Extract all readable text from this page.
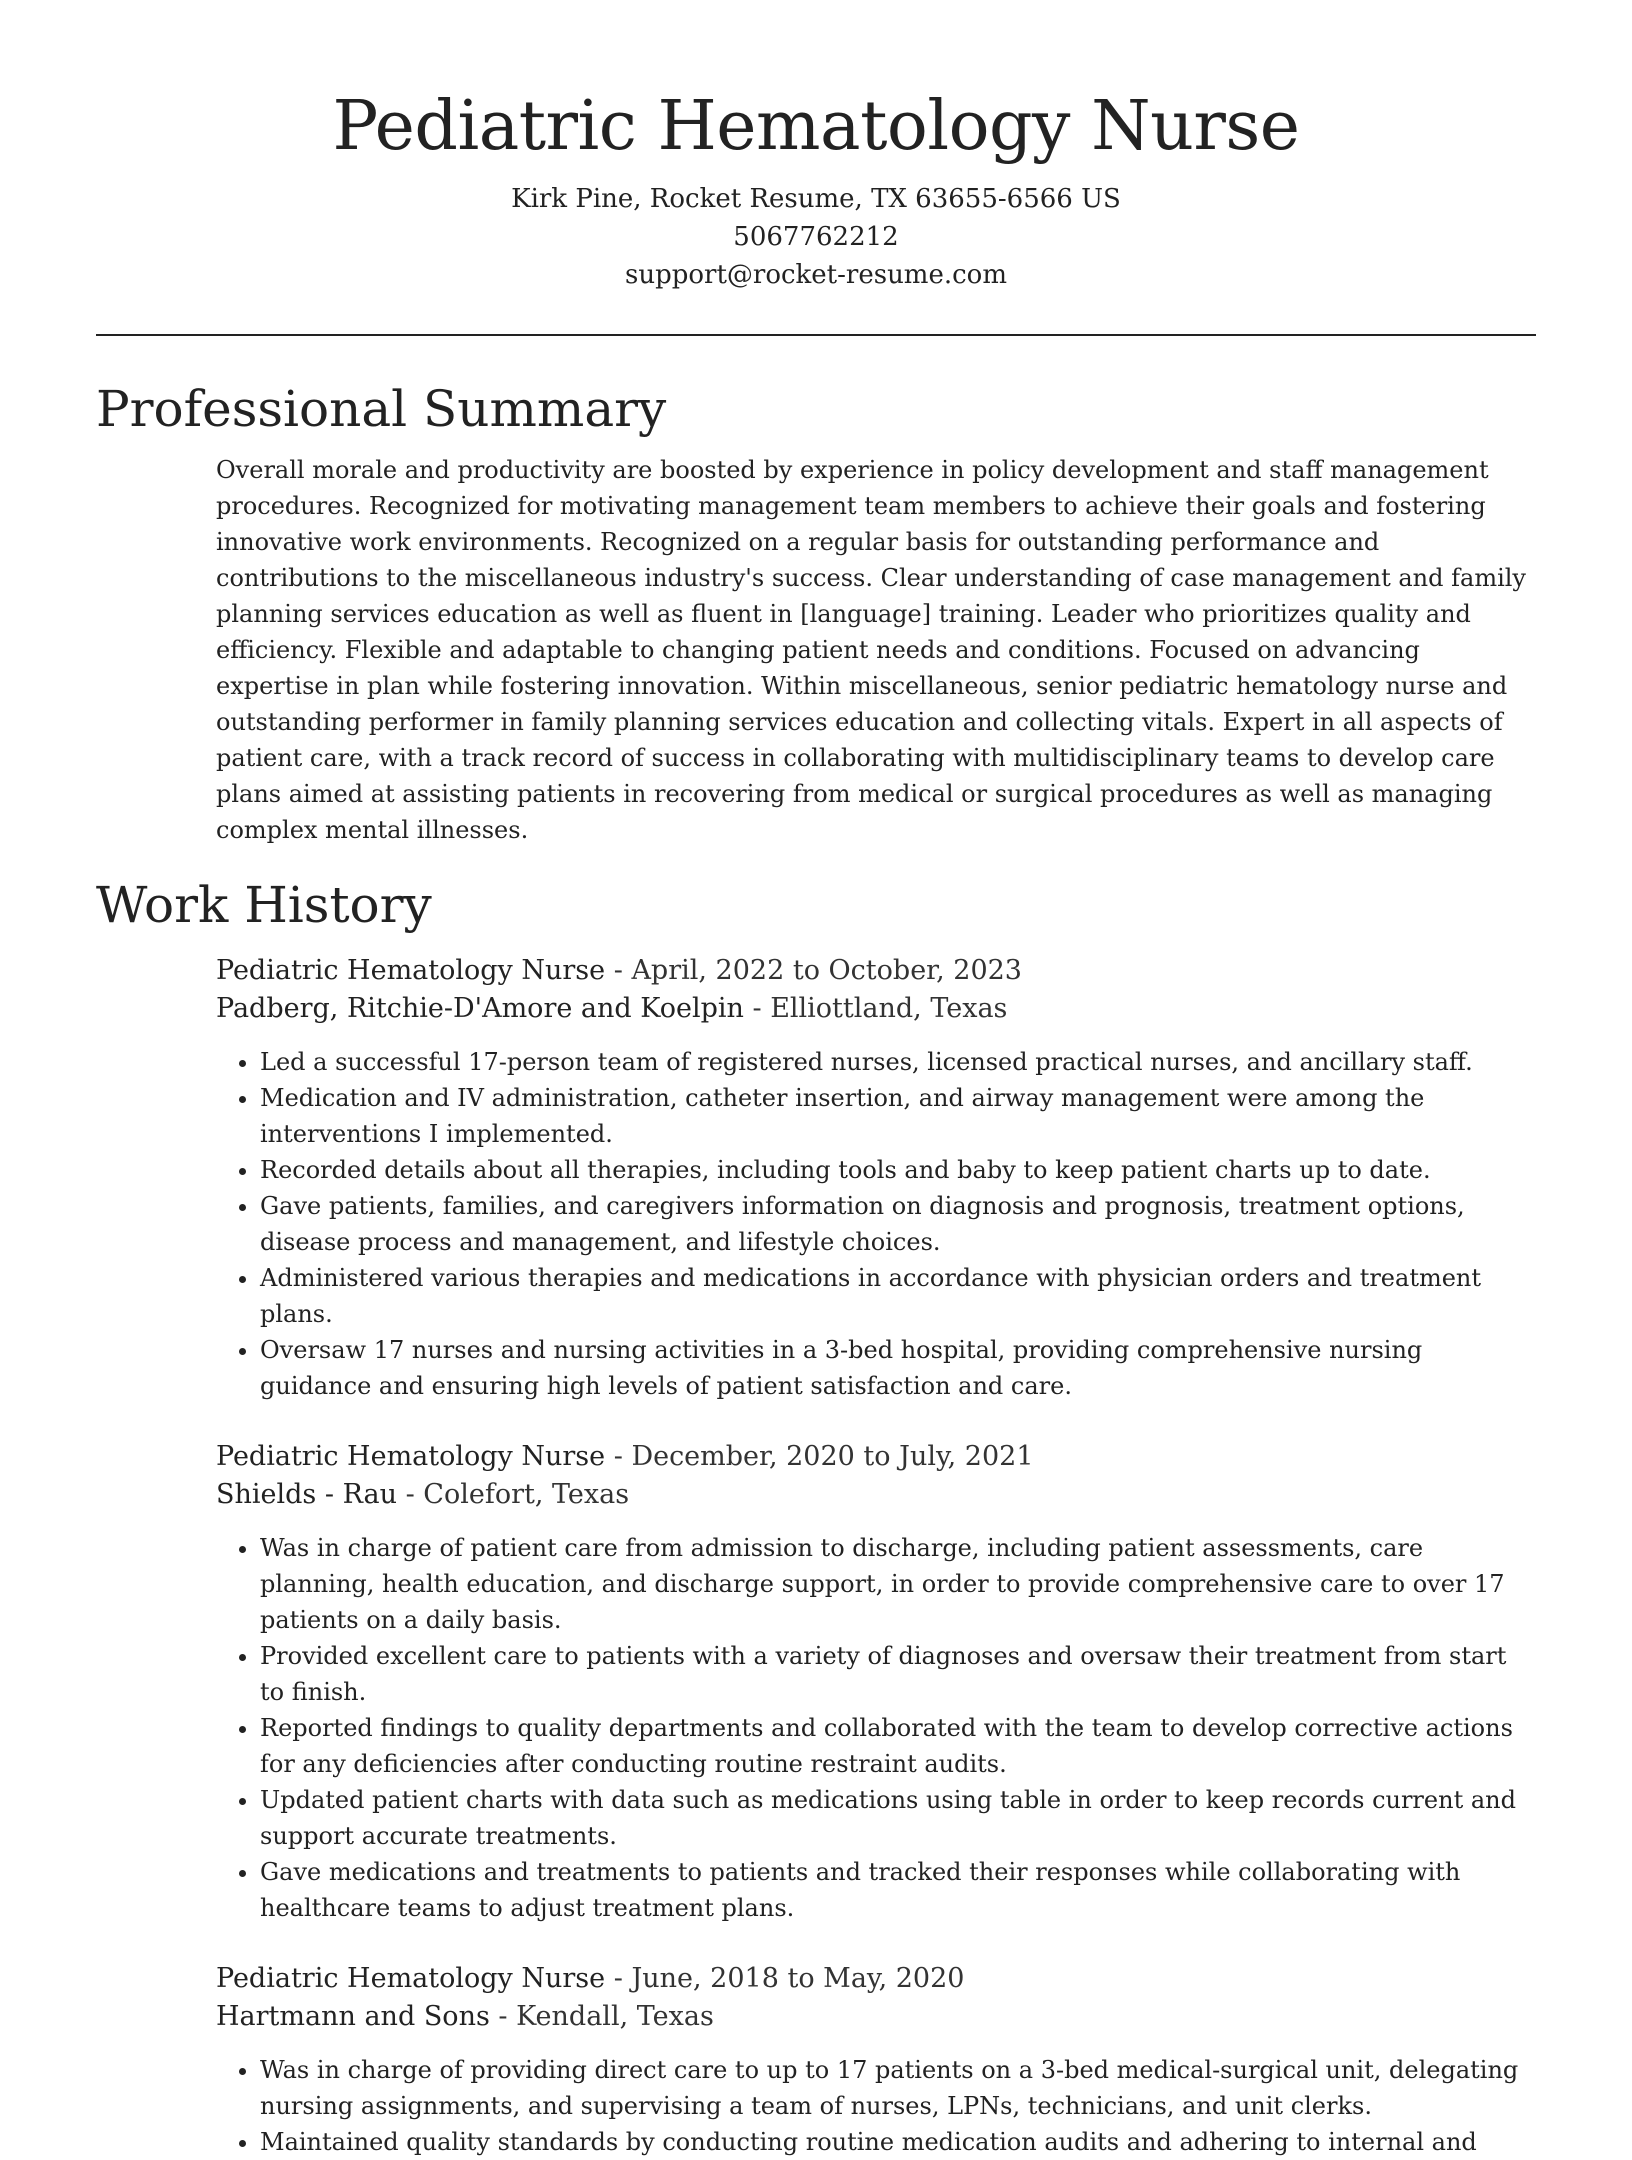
Pediatric Hematology Nurse
Kirk Pine, Rocket Resume, TX 63655-6566 US
5067762212
support@rocket-resume.com
Professional Summary

Overall morale and productivity are boosted by experience in policy development and staff management procedures. Recognized for motivating management team members to achieve their goals and fostering innovative work environments. Recognized on a regular basis for outstanding performance and contributions to the miscellaneous industry's success. Clear understanding of case management and family planning services education as well as fluent in [language] training. Leader who prioritizes quality and efficiency. Flexible and adaptable to changing patient needs and conditions. Focused on advancing expertise in plan while fostering innovation. Within miscellaneous, senior pediatric hematology nurse and outstanding performer in family planning services education and collecting vitals. Expert in all aspects of patient care, with a track record of success in collaborating with multidisciplinary teams to develop care plans aimed at assisting patients in recovering from medical or surgical procedures as well as managing complex mental illnesses.

Work History
Pediatric Hematology Nurse - April, 2022 to October, 2023
Padberg, Ritchie-D'Amore and Koelpin - Elliottland, Texas
• Led a successful 17-person team of registered nurses, licensed practical nurses, and ancillary staff.
• Medication and IV administration, catheter insertion, and airway management were among the interventions I implemented.
• Recorded details about all therapies, including tools and baby to keep patient charts up to date.
• Gave patients, families, and caregivers information on diagnosis and prognosis, treatment options, disease process and management, and lifestyle choices.
• Administered various therapies and medications in accordance with physician orders and treatment plans.
• Oversaw 17 nurses and nursing activities in a 3-bed hospital, providing comprehensive nursing guidance and ensuring high levels of patient satisfaction and care.
Pediatric Hematology Nurse - December, 2020 to July, 2021
Shields - Rau - Colefort, Texas
• Was in charge of patient care from admission to discharge, including patient assessments, care planning, health education, and discharge support, in order to provide comprehensive care to over 17 patients on a daily basis.
• Provided excellent care to patients with a variety of diagnoses and oversaw their treatment from start to finish.
• Reported findings to quality departments and collaborated with the team to develop corrective actions for any deficiencies after conducting routine restraint audits.
• Updated patient charts with data such as medications using table in order to keep records current and support accurate treatments.
• Gave medications and treatments to patients and tracked their responses while collaborating with healthcare teams to adjust treatment plans.
Pediatric Hematology Nurse - June, 2018 to May, 2020
Hartmann and Sons - Kendall, Texas
• Was in charge of providing direct care to up to 17 patients on a 3-bed medical-surgical unit, delegating nursing assignments, and supervising a team of nurses, LPNs, technicians, and unit clerks.
• Maintained quality standards by conducting routine medication audits and adhering to internal and
